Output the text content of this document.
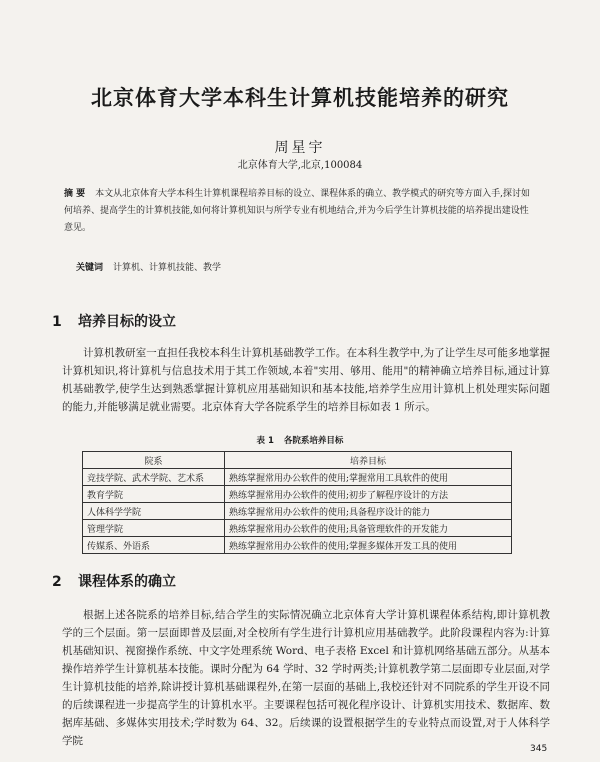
北京体育大学本科生计算机技能培养的研究
周星宇
北京体育大学,北京,100084
摘 要 本文从北京体育大学本科生计算机课程培养目标的设立、课程体系的确立、教学模式的研究等方面入手,探讨如何培养、提高学生的计算机技能,如何将计算机知识与所学专业有机地结合,并为今后学生计算机技能的培养提出建设性意见。
关键词 计算机、计算机技能、教学
1 培养目标的设立
计算机教研室一直担任我校本科生计算机基础教学工作。在本科生教学中,为了让学生尽可能多地掌握计算机知识,将计算机与信息技术用于其工作领域,本着"实用、够用、能用"的精神确立培养目标,通过计算机基础教学,使学生达到熟悉掌握计算机应用基础知识和基本技能,培养学生应用计算机上机处理实际问题的能力,并能够满足就业需要。北京体育大学各院系学生的培养目标如表 1 所示。
表 1 各院系培养目标
院系	培养目标
竞技学院、武术学院、艺术系	熟练掌握常用办公软件的使用;掌握常用工具软件的使用
教育学院	熟练掌握常用办公软件的使用;初步了解程序设计的方法
人体科学学院	熟练掌握常用办公软件的使用;具备程序设计的能力
管理学院	熟练掌握常用办公软件的使用;具备管理软件的开发能力
传媒系、外语系	熟练掌握常用办公软件的使用;掌握多媒体开发工具的使用
2 课程体系的确立
根据上述各院系的培养目标,结合学生的实际情况确立北京体育大学计算机课程体系结构,即计算机教学的三个层面。第一层面即普及层面,对全校所有学生进行计算机应用基础教学。此阶段课程内容为:计算机基础知识、视窗操作系统、中文字处理系统 Word、电子表格 Excel 和计算机网络基础五部分。从基本操作培养学生计算机基本技能。课时分配为 64 学时、32 学时两类;计算机教学第二层面即专业层面,对学生计算机技能的培养,除讲授计算机基础课程外,在第一层面的基础上,我校还针对不同院系的学生开设不同的后续课程进一步提高学生的计算机水平。主要课程包括可视化程序设计、计算机实用技术、数据库、数据库基础、多媒体实用技术;学时数为 64、32。后续课的设置根据学生的专业特点而设置,对于人体科学学院
345
